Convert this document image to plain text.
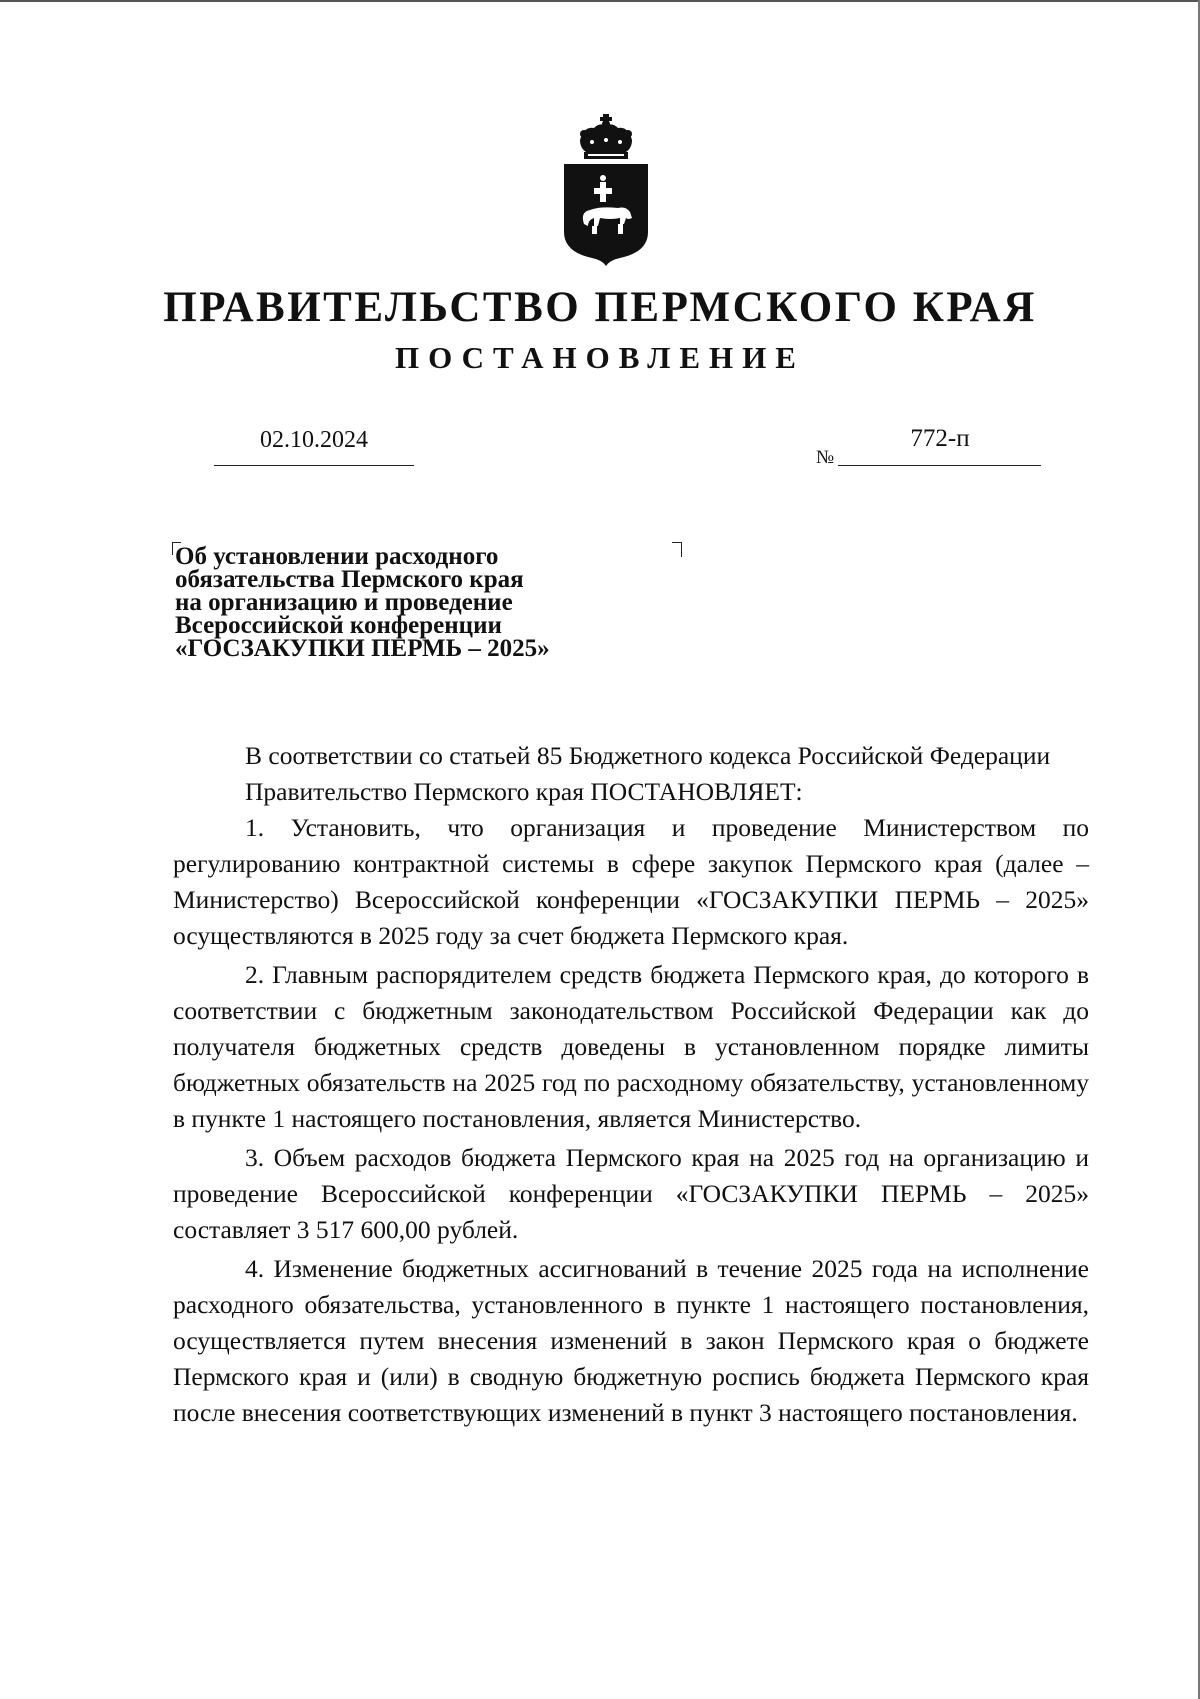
ПРАВИТЕЛЬСТВО ПЕРМСКОГО КРАЯ
ПОСТАНОВЛЕНИЕ
02.10.2024
№
772-п
Об установлении расходного
обязательства Пермского края
на организацию и проведение
Всероссийской конференции
«ГОСЗАКУПКИ ПЕРМЬ – 2025»

В соответствии со статьей 85 Бюджетного кодекса Российской Федерации

Правительство Пермского края ПОСТАНОВЛЯЕТ:

1. Установить, что организация и проведение Министерством по регулированию контрактной системы в сфере закупок Пермского края (далее – Министерство) Всероссийской конференции «ГОСЗАКУПКИ ПЕРМЬ – 2025» осуществляются в 2025 году за счет бюджета Пермского края.

2. Главным распорядителем средств бюджета Пермского края, до которого в соответствии с бюджетным законодательством Российской Федерации как до получателя бюджетных средств доведены в установленном порядке лимиты бюджетных обязательств на 2025 год по расходному обязательству, установленному в пункте 1 настоящего постановления, является Министерство.

3. Объем расходов бюджета Пермского края на 2025 год на организацию и проведение Всероссийской конференции «ГОСЗАКУПКИ ПЕРМЬ – 2025» составляет 3 517 600,00 рублей.

4. Изменение бюджетных ассигнований в течение 2025 года на исполнение расходного обязательства, установленного в пункте 1 настоящего постановления, осуществляется путем внесения изменений в закон Пермского края о бюджете Пермского края и (или) в сводную бюджетную роспись бюджета Пермского края после внесения соответствующих изменений в пункт 3 настоящего постановления.
